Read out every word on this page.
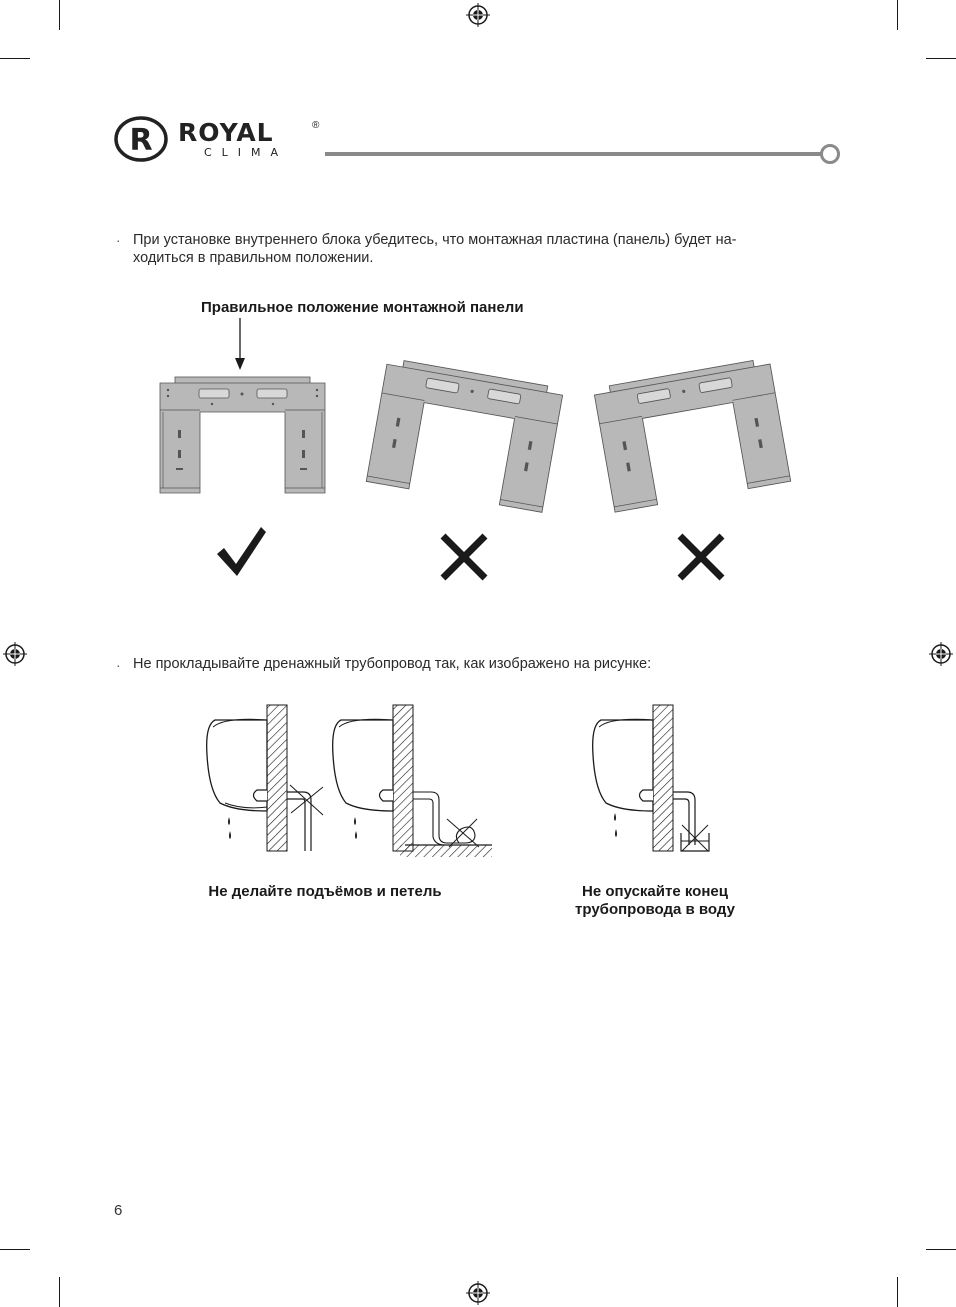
R ROYAL	®
CLIMA
· При установке внутреннего блока убедитесь, что монтажная пластина (панель) будет на-
ходиться в правильном положении.
Правильное положение монтажной панели
· Не прокладывайте дренажный трубопровод так, как изображено на рисунке:
Не делайте подъёмов и петель	Не опускайте конец
трубопровода в воду
6
